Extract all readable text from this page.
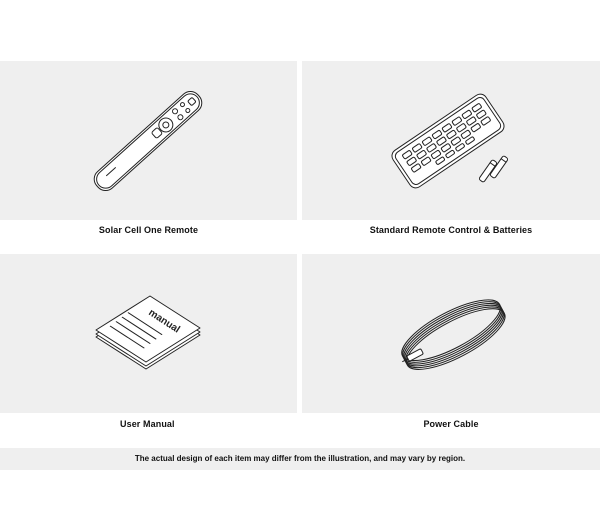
Solar Cell One Remote	Standard Remote Control & Batteries
manual
User Manual	Power Cable
The actual design of each item may differ from the illustration, and may vary by region.
